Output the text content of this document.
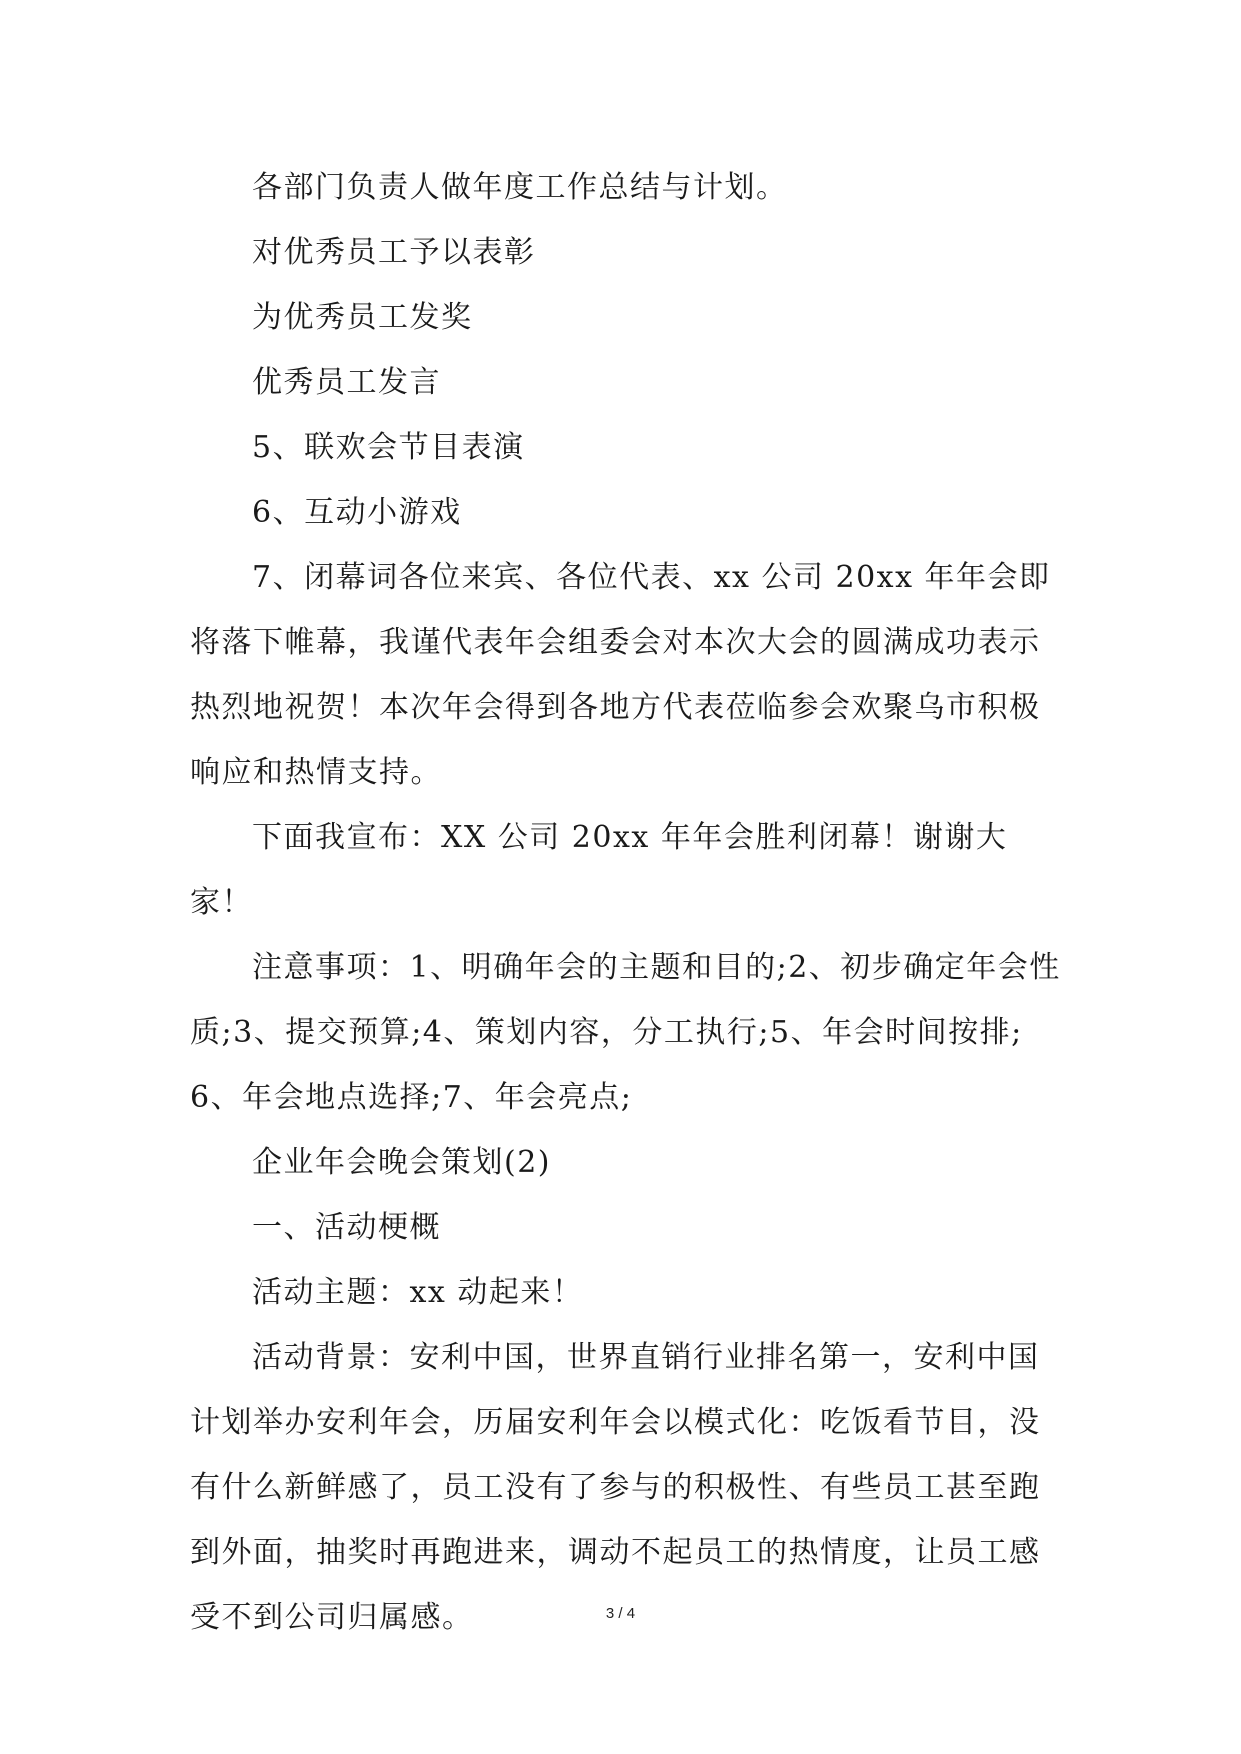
各部门负责人做年度工作总结与计划。

对优秀员工予以表彰

为优秀员工发奖

优秀员工发言

5、联欢会节目表演

6、互动小游戏

7、闭幕词各位来宾、各位代表、xx 公司 20xx 年年会即将落下帷幕，我谨代表年会组委会对本次大会的圆满成功表示热烈地祝贺！本次年会得到各地方代表莅临参会欢聚乌市积极响应和热情支持。

下面我宣布：XX 公司 20xx 年年会胜利闭幕！谢谢大家！

注意事项：1、明确年会的主题和目的;2、初步确定年会性质;3、提交预算;4、策划内容，分工执行;5、年会时间按排;6、年会地点选择;7、年会亮点;

企业年会晚会策划(2)

一、活动梗概

活动主题：xx 动起来！

活动背景：安利中国，世界直销行业排名第一，安利中国计划举办安利年会，历届安利年会以模式化：吃饭看节目，没有什么新鲜感了，员工没有了参与的积极性、有些员工甚至跑到外面，抽奖时再跑进来，调动不起员工的热情度，让员工感受不到公司归属感。	3 / 4
